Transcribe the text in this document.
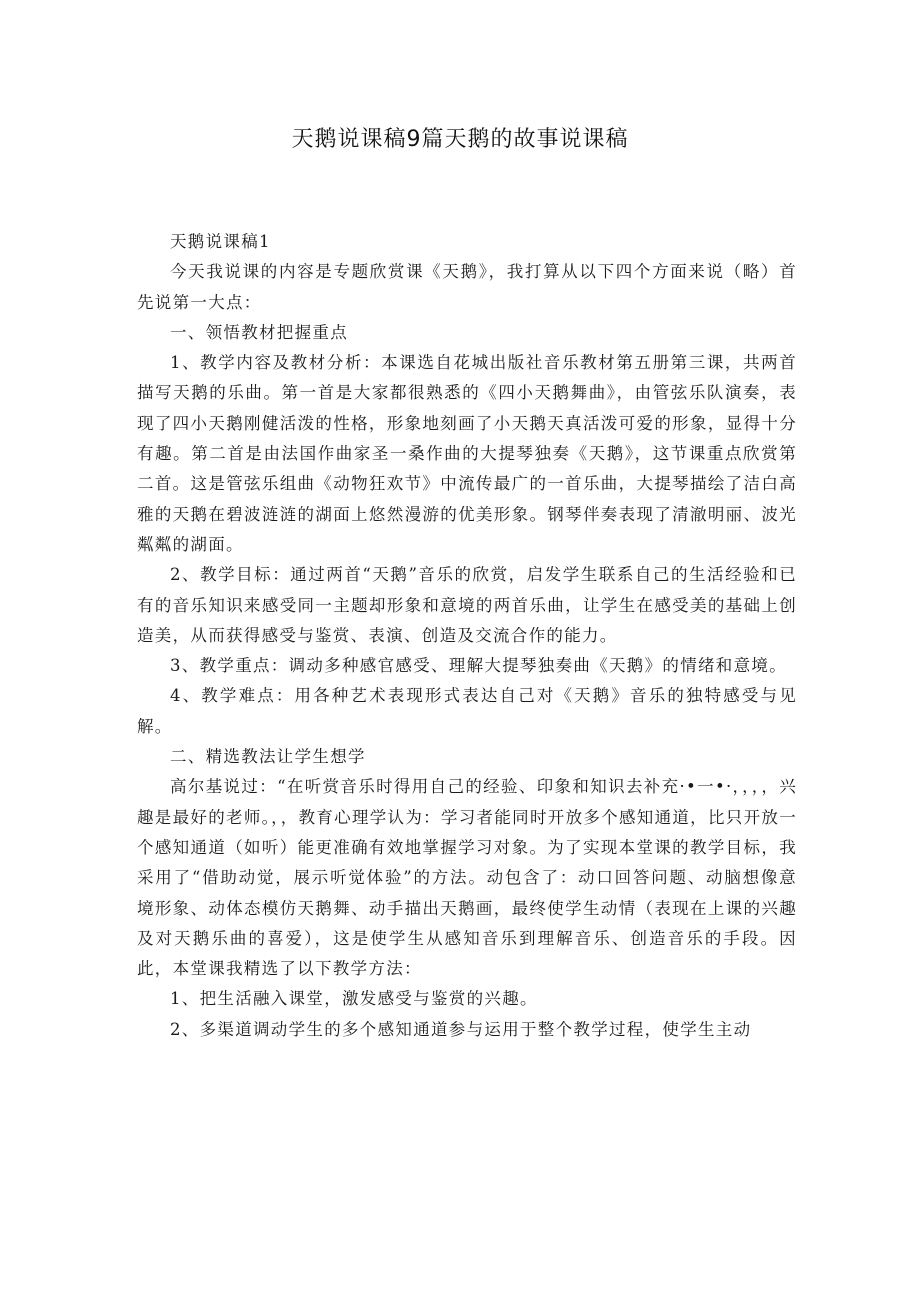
天鹅说课稿9篇天鹅的故事说课稿

天鹅说课稿1

今天我说课的内容是专题欣赏课《天鹅》，我打算从以下四个方面来说（略）首先说第一大点：

一、领悟教材把握重点

1、教学内容及教材分析：本课选自花城出版社音乐教材第五册第三课，共两首描写天鹅的乐曲。第一首是大家都很熟悉的《四小天鹅舞曲》，由管弦乐队演奏，表现了四小天鹅刚健活泼的性格，形象地刻画了小天鹅天真活泼可爱的形象，显得十分有趣。第二首是由法国作曲家圣一桑作曲的大提琴独奏《天鹅》，这节课重点欣赏第二首。这是管弦乐组曲《动物狂欢节》中流传最广的一首乐曲，大提琴描绘了洁白高雅的天鹅在碧波涟涟的湖面上悠然漫游的优美形象。钢琴伴奏表现了清澈明丽、波光粼粼的湖面。

2、教学目标：通过两首“天鹅”音乐的欣赏，启发学生联系自己的生活经验和已有的音乐知识来感受同一主题却形象和意境的两首乐曲，让学生在感受美的基础上创造美，从而获得感受与鉴赏、表演、创造及交流合作的能力。

3、教学重点：调动多种感官感受、理解大提琴独奏曲《天鹅》的情绪和意境。

4、教学难点：用各种艺术表现形式表达自己对《天鹅》音乐的独特感受与见解。

二、精选教法让学生想学

高尔基说过：“在听赏音乐时得用自己的经验、印象和知识去补充·•一•·，，，，兴趣是最好的老师。，，教育心理学认为：学习者能同时开放多个感知通道，比只开放一个感知通道（如听）能更准确有效地掌握学习对象。为了实现本堂课的教学目标，我采用了“借助动觉，展示听觉体验”的方法。动包含了：动口回答问题、动脑想像意境形象、动体态模仿天鹅舞、动手描出天鹅画，最终使学生动情（表现在上课的兴趣及对天鹅乐曲的喜爱），这是使学生从感知音乐到理解音乐、创造音乐的手段。因此，本堂课我精选了以下教学方法：

1、把生活融入课堂，激发感受与鉴赏的兴趣。

2、多渠道调动学生的多个感知通道参与运用于整个教学过程，使学生主动
